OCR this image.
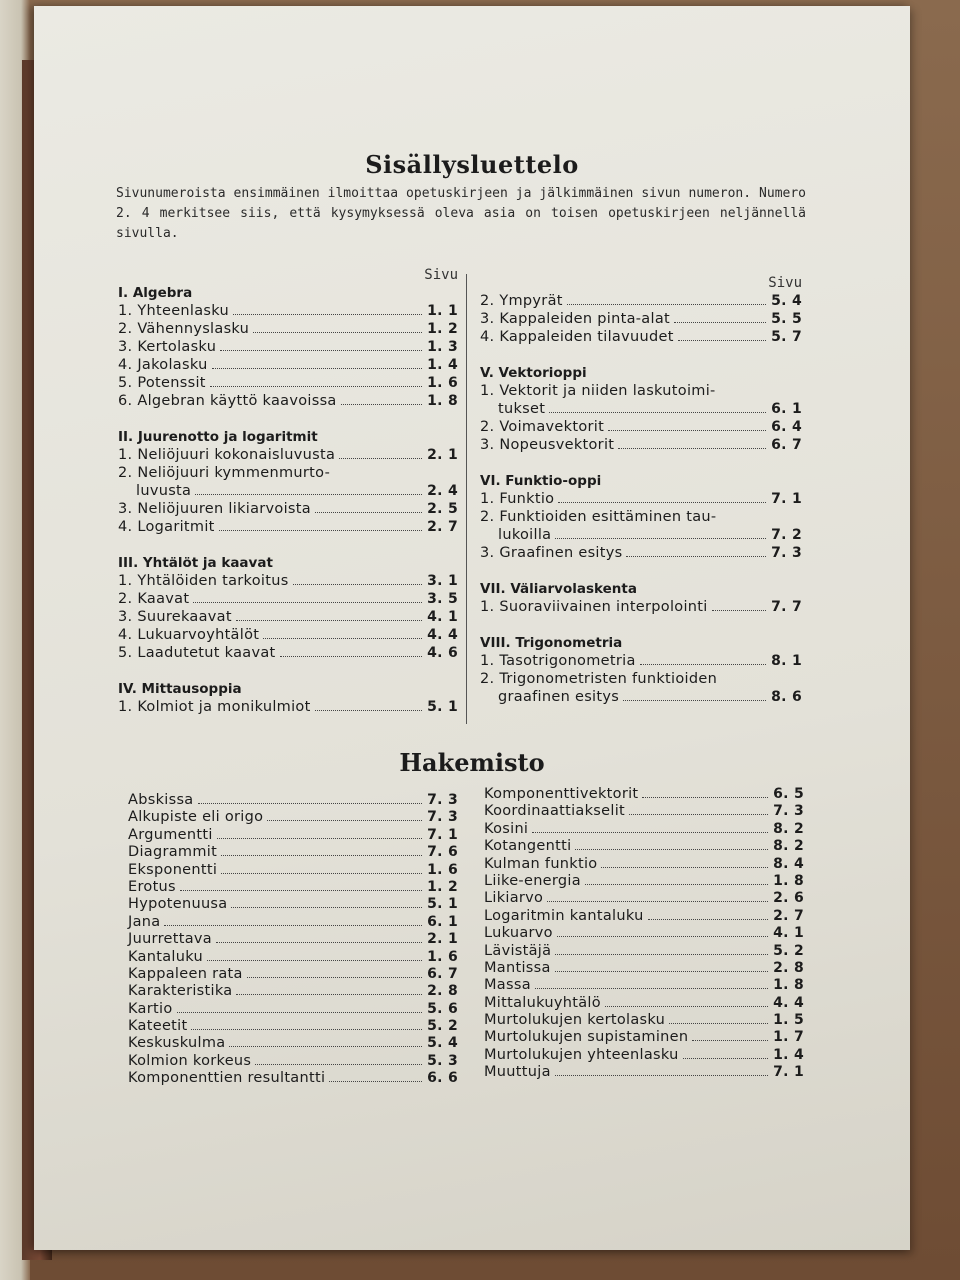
Sisällysluettelo
Sivunumeroista ensimmäinen ilmoittaa opetuskirjeen ja jälkimmäinen sivun numeron. Numero 2. 4 merkitsee siis, että kysymyksessä oleva asia on toisen opetuskirjeen neljännellä sivulla.
Sivu
I. Algebra
1. Yhteenlasku	1. 1
2. Vähennyslasku	1. 2
3. Kertolasku	1. 3
4. Jakolasku	1. 4
5. Potenssit	1. 6
6. Algebran käyttö kaavoissa	1. 8
II. Juurenotto ja logaritmit
1. Neliöjuuri kokonaisluvusta	2. 1
2. Neliöjuuri kymmenmurto-
luvusta	2. 4
3. Neliöjuuren likiarvoista	2. 5
4. Logaritmit	2. 7
III. Yhtälöt ja kaavat
1. Yhtälöiden tarkoitus	3. 1
2. Kaavat	3. 5
3. Suurekaavat	4. 1
4. Lukuarvoyhtälöt	4. 4
5. Laadutetut kaavat	4. 6
IV. Mittausoppia
1. Kolmiot ja monikulmiot	5. 1
Sivu
2. Ympyrät	5. 4
3. Kappaleiden pinta-alat	5. 5
4. Kappaleiden tilavuudet	5. 7
V. Vektorioppi
1. Vektorit ja niiden laskutoimi-
tukset	6. 1
2. Voimavektorit	6. 4
3. Nopeusvektorit	6. 7
VI. Funktio-oppi
1. Funktio	7. 1
2. Funktioiden esittäminen tau-
lukoilla	7. 2
3. Graafinen esitys	7. 3
VII. Väliarvolaskenta
1. Suoraviivainen interpolointi	7. 7
VIII. Trigonometria
1. Tasotrigonometria	8. 1
2. Trigonometristen funktioiden
graafinen esitys	8. 6
Hakemisto
Abskissa	7. 3
Alkupiste eli origo	7. 3
Argumentti	7. 1
Diagrammit	7. 6
Eksponentti	1. 6
Erotus	1. 2
Hypotenuusa	5. 1
Jana	6. 1
Juurrettava	2. 1
Kantaluku	1. 6
Kappaleen rata	6. 7
Karakteristika	2. 8
Kartio	5. 6
Kateetit	5. 2
Keskuskulma	5. 4
Kolmion korkeus	5. 3
Komponenttien resultantti	6. 6
Komponenttivektorit	6. 5
Koordinaattiakselit	7. 3
Kosini	8. 2
Kotangentti	8. 2
Kulman funktio	8. 4
Liike-energia	1. 8
Likiarvo	2. 6
Logaritmin kantaluku	2. 7
Lukuarvo	4. 1
Lävistäjä	5. 2
Mantissa	2. 8
Massa	1. 8
Mittalukuyhtälö	4. 4
Murtolukujen kertolasku	1. 5
Murtolukujen supistaminen	1. 7
Murtolukujen yhteenlasku	1. 4
Muuttuja	7. 1
